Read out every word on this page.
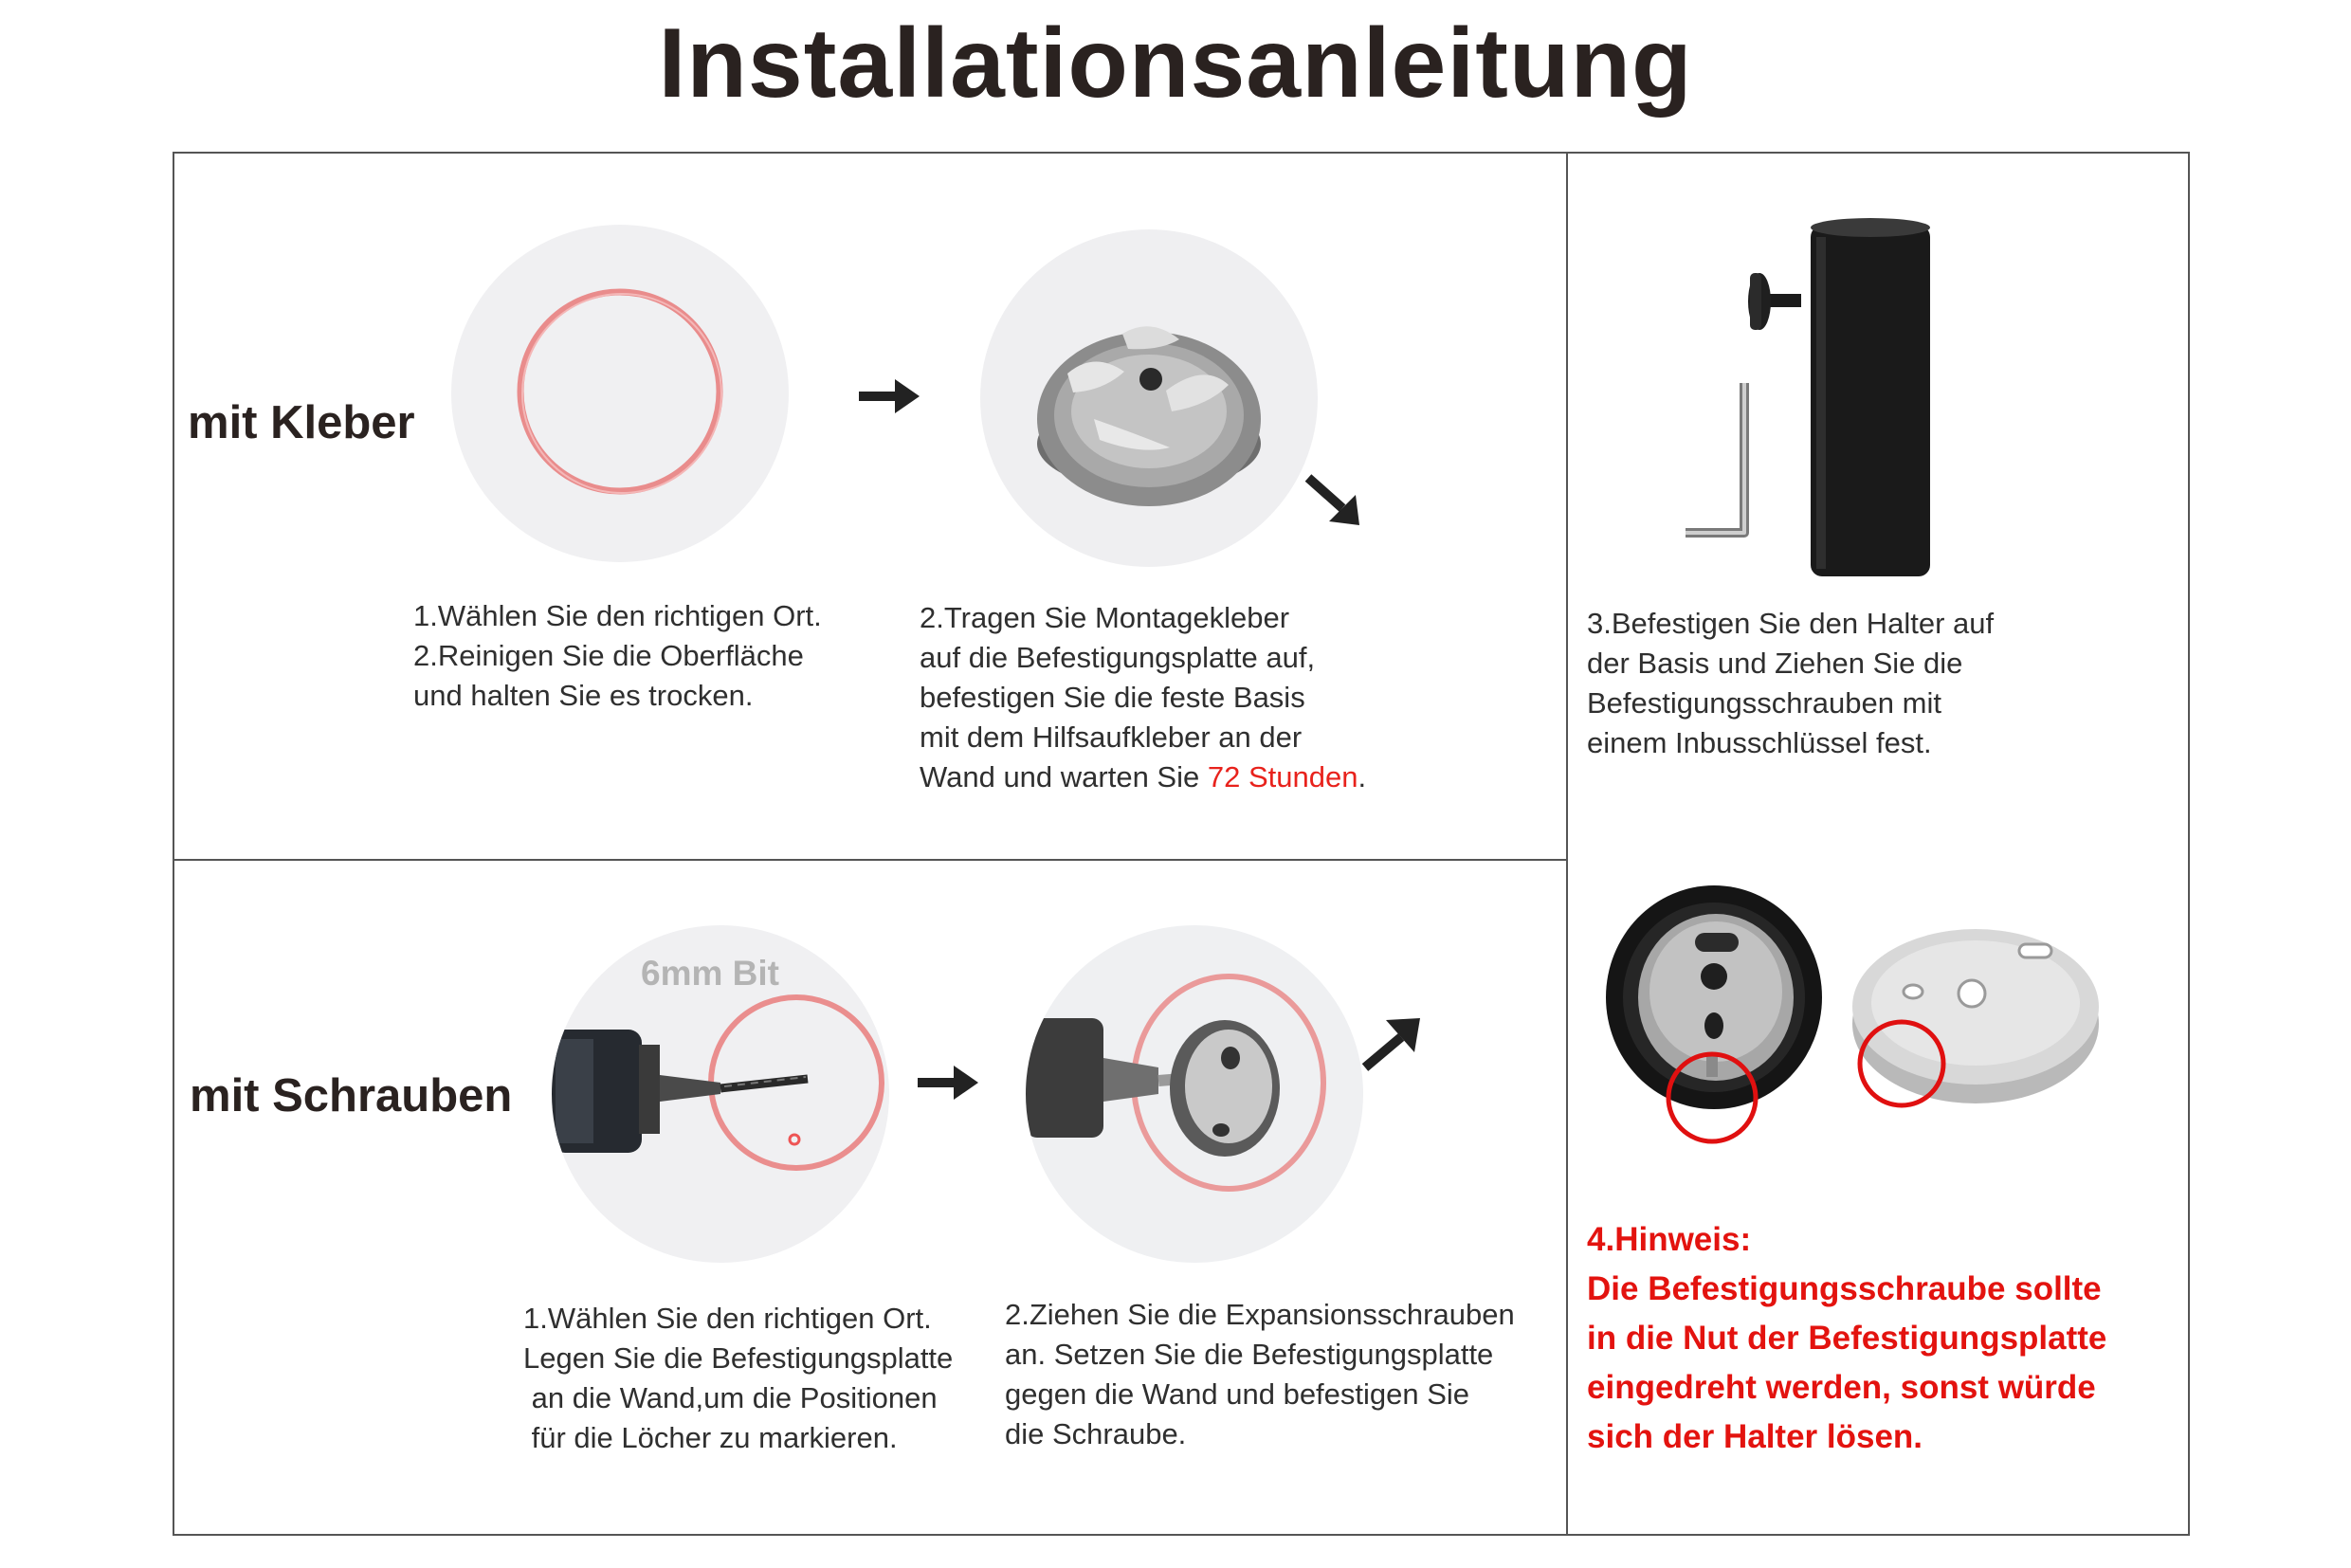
Installationsanleitung
mit Kleber

1.Wählen Sie den richtigen Ort.

2.Reinigen Sie die Oberfläche

und halten Sie es trocken.

2.Tragen Sie Montagekleber

auf die Befestigungsplatte auf,

befestigen Sie die feste Basis

mit dem Hilfsaufkleber an der

Wand und warten Sie 72 Stunden.

mit Schrauben
6mm Bit

1.Wählen Sie den richtigen Ort.

Legen Sie die Befestigungsplatte

an die Wand,um die Positionen

für die Löcher zu markieren.

2.Ziehen Sie die Expansionsschrauben

an. Setzen Sie die Befestigungsplatte

gegen die Wand und befestigen Sie

die Schraube.

3.Befestigen Sie den Halter auf

der Basis und Ziehen Sie die

Befestigungsschrauben mit

einem Inbusschlüssel fest.

4.Hinweis:

Die Befestigungsschraube sollte

in die Nut der Befestigungsplatte

eingedreht werden, sonst würde

sich der Halter lösen.
